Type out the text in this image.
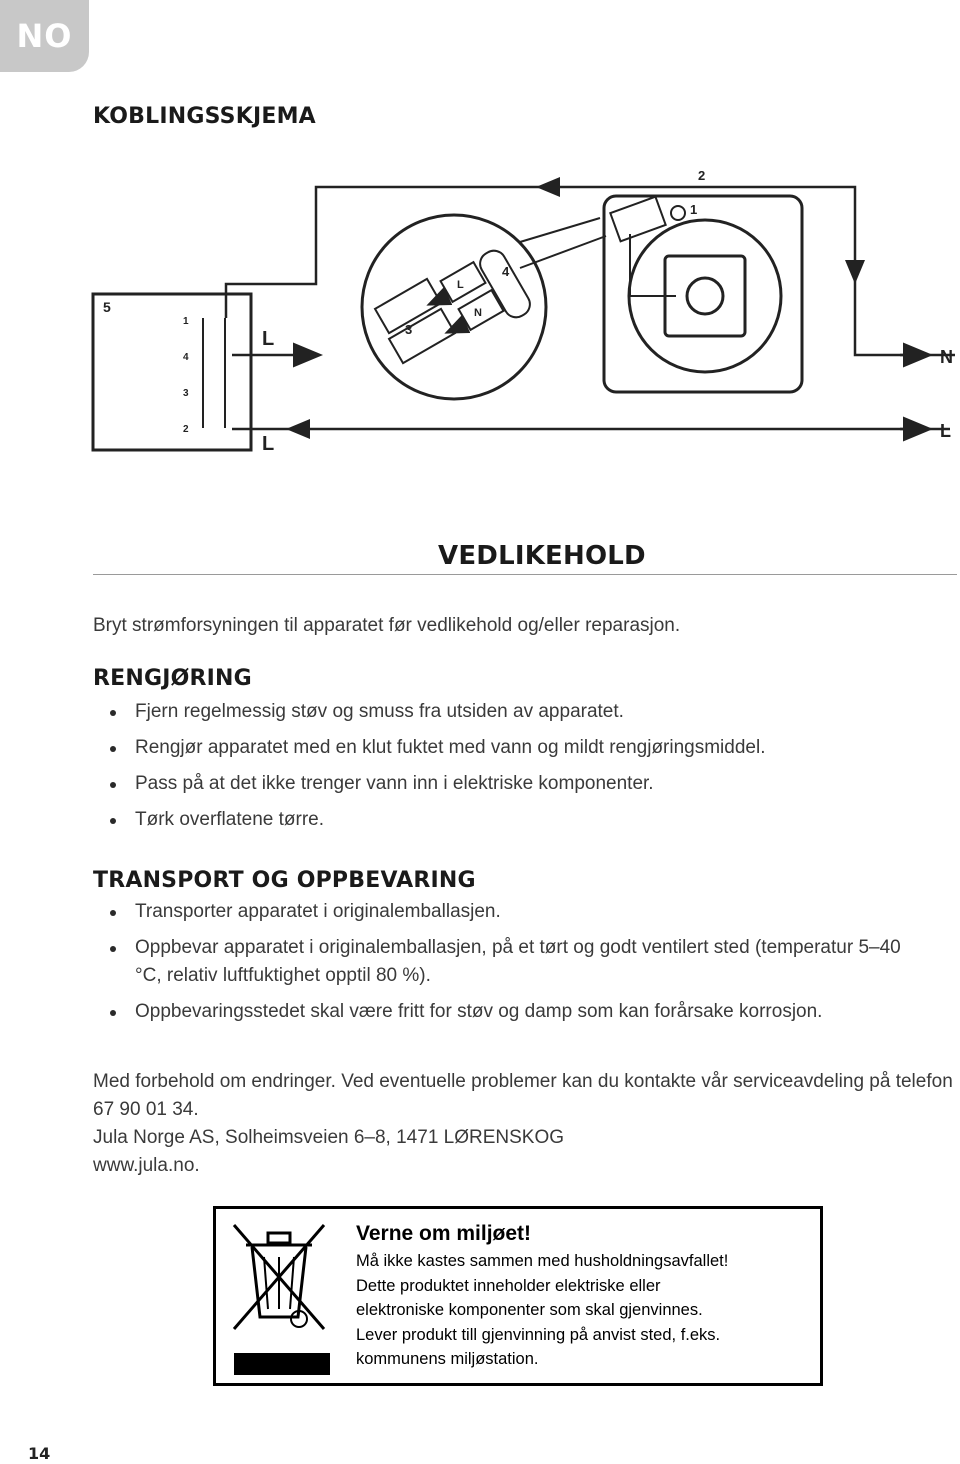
NO
KOBLINGSSKJEMA
5
1
4
3
2
L
L
3
4
L
N
1
2
N
L
VEDLIKEHOLD
Bryt strømforsyningen til apparatet før vedlikehold og/eller reparasjon.
RENGJØRING
Fjern regelmessig støv og smuss fra utsiden av apparatet.
Rengjør apparatet med en klut fuktet med vann og mildt rengjøringsmiddel.
Pass på at det ikke trenger vann inn i elektriske komponenter.
Tørk overflatene tørre.
TRANSPORT OG OPPBEVARING
Transporter apparatet i originalemballasjen.
Oppbevar apparatet i originalemballasjen, på et tørt og godt ventilert sted (temperatur 5–40 °C, relativ luftfuktighet opptil 80 %).
Oppbevaringsstedet skal være fritt for støv og damp som kan forårsake korrosjon.
Med forbehold om endringer. Ved eventuelle problemer kan du kontakte vår serviceavdeling på telefon 67 90 01 34.
Jula Norge AS, Solheimsveien 6–8, 1471 LØRENSKOG
www.jula.no.
Verne om miljøet!
Må ikke kastes sammen med husholdningsavfallet!
Dette produktet inneholder elektriske eller
elektroniske komponenter som skal gjenvinnes.
Lever produkt till gjenvinning på anvist sted, f.eks.
kommunens miljøstation.
14
